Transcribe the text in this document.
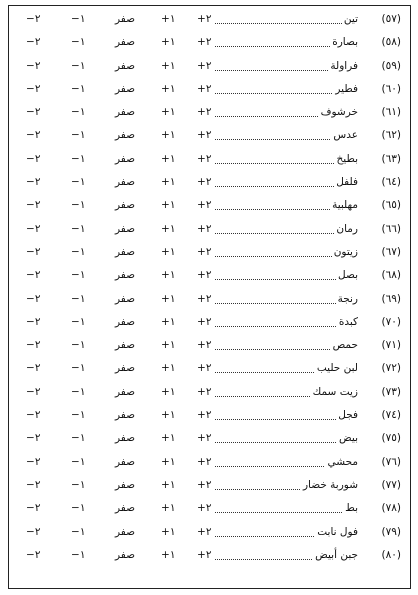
(٥٧)
تين
+٢
+١
صفر
−١
−٢
(٥٨)
بصارة
+٢
+١
صفر
−١
−٢
(٥٩)
فراولة
+٢
+١
صفر
−١
−٢
(٦٠)
فطير
+٢
+١
صفر
−١
−٢
(٦١)
خرشوف
+٢
+١
صفر
−١
−٢
(٦٢)
عدس
+٢
+١
صفر
−١
−٢
(٦٣)
بطيخ
+٢
+١
صفر
−١
−٢
(٦٤)
فلفل
+٢
+١
صفر
−١
−٢
(٦٥)
مهلبية
+٢
+١
صفر
−١
−٢
(٦٦)
رمان
+٢
+١
صفر
−١
−٢
(٦٧)
زيتون
+٢
+١
صفر
−١
−٢
(٦٨)
بصل
+٢
+١
صفر
−١
−٢
(٦٩)
رنجة
+٢
+١
صفر
−١
−٢
(٧٠)
كبدة
+٢
+١
صفر
−١
−٢
(٧١)
حمص
+٢
+١
صفر
−١
−٢
(٧٢)
لبن حليب
+٢
+١
صفر
−١
−٢
(٧٣)
زيت سمك
+٢
+١
صفر
−١
−٢
(٧٤)
فجل
+٢
+١
صفر
−١
−٢
(٧٥)
بيض
+٢
+١
صفر
−١
−٢
(٧٦)
محشي
+٢
+١
صفر
−١
−٢
(٧٧)
شوربة خضار
+٢
+١
صفر
−١
−٢
(٧٨)
بط
+٢
+١
صفر
−١
−٢
(٧٩)
فول نابت
+٢
+١
صفر
−١
−٢
(٨٠)
جبن أبيض
+٢
+١
صفر
−١
−٢
